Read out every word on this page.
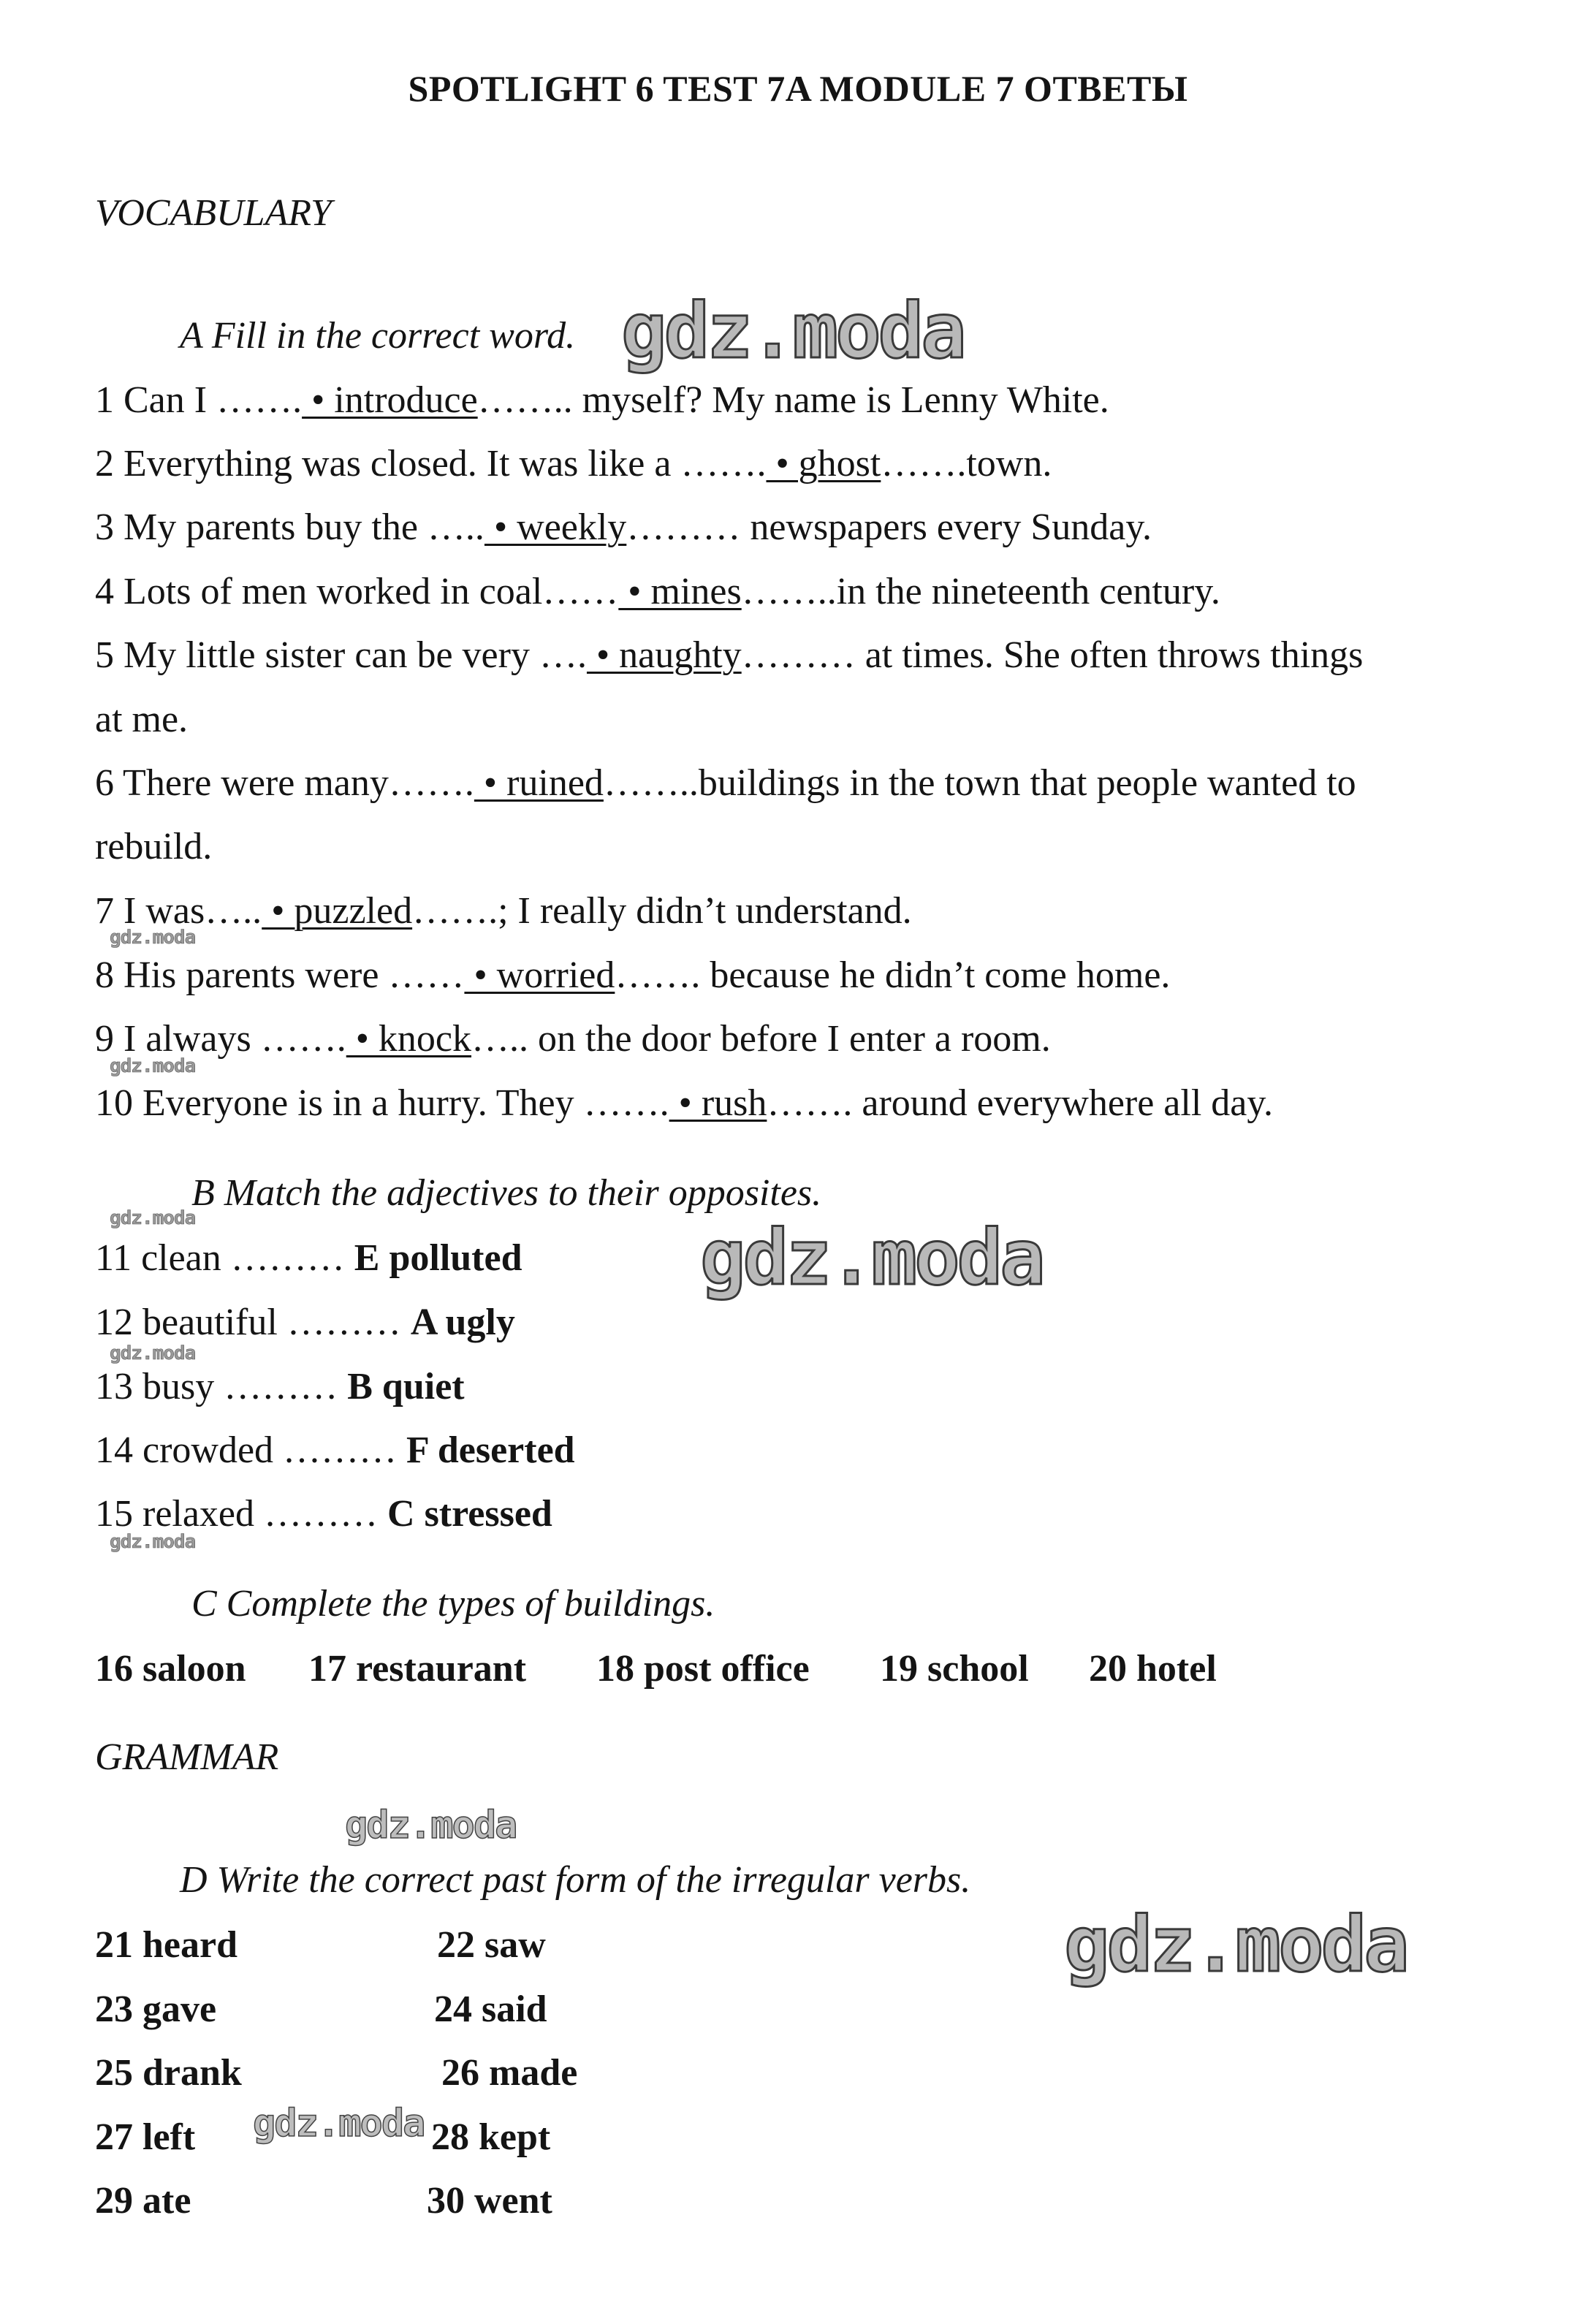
SPOTLIGHT 6 TEST 7A MODULE 7 ОТВЕТЫ
VOCABULARY
A Fill in the correct word.
1 Can I ……. • introduce…….. myself? My name is Lenny White.
2 Everything was closed. It was like a ……. • ghost…….town.
3 My parents buy the ….. • weekly……… newspapers every Sunday.
4 Lots of men worked in coal…… • mines……..in the nineteenth century.
5 My little sister can be very …. • naughty……… at times. She often throws things
at me.
6 There were many……. • ruined……..buildings in the town that people wanted to
rebuild.
7 I was….. • puzzled…….; I really didn’t understand.
8 His parents were …… • worried……. because he didn’t come home.
9 I always ……. • knock….. on the door before I enter a room.
10 Everyone is in a hurry. They ……. • rush……. around everywhere all day.
B Match the adjectives to their opposites.
11 clean ……… E polluted
12 beautiful ……… A ugly
13 busy ……… B quiet
14 crowded ……… F deserted
15 relaxed ……… C stressed
C Complete the types of buildings.
16 saloon 17 restaurant 18 post office 19 school 20 hotel
GRAMMAR
D Write the correct past form of the irregular verbs.
21 heard	22 saw
23 gave	24 said
25 drank	26 made
27 left	28 kept
29 ate	30 went
gdz.moda
gdz.moda
gdz.moda
gdz.moda
gdz.moda
gdz.moda
gdz.moda
gdz.moda
gdz.moda
gdz.moda
